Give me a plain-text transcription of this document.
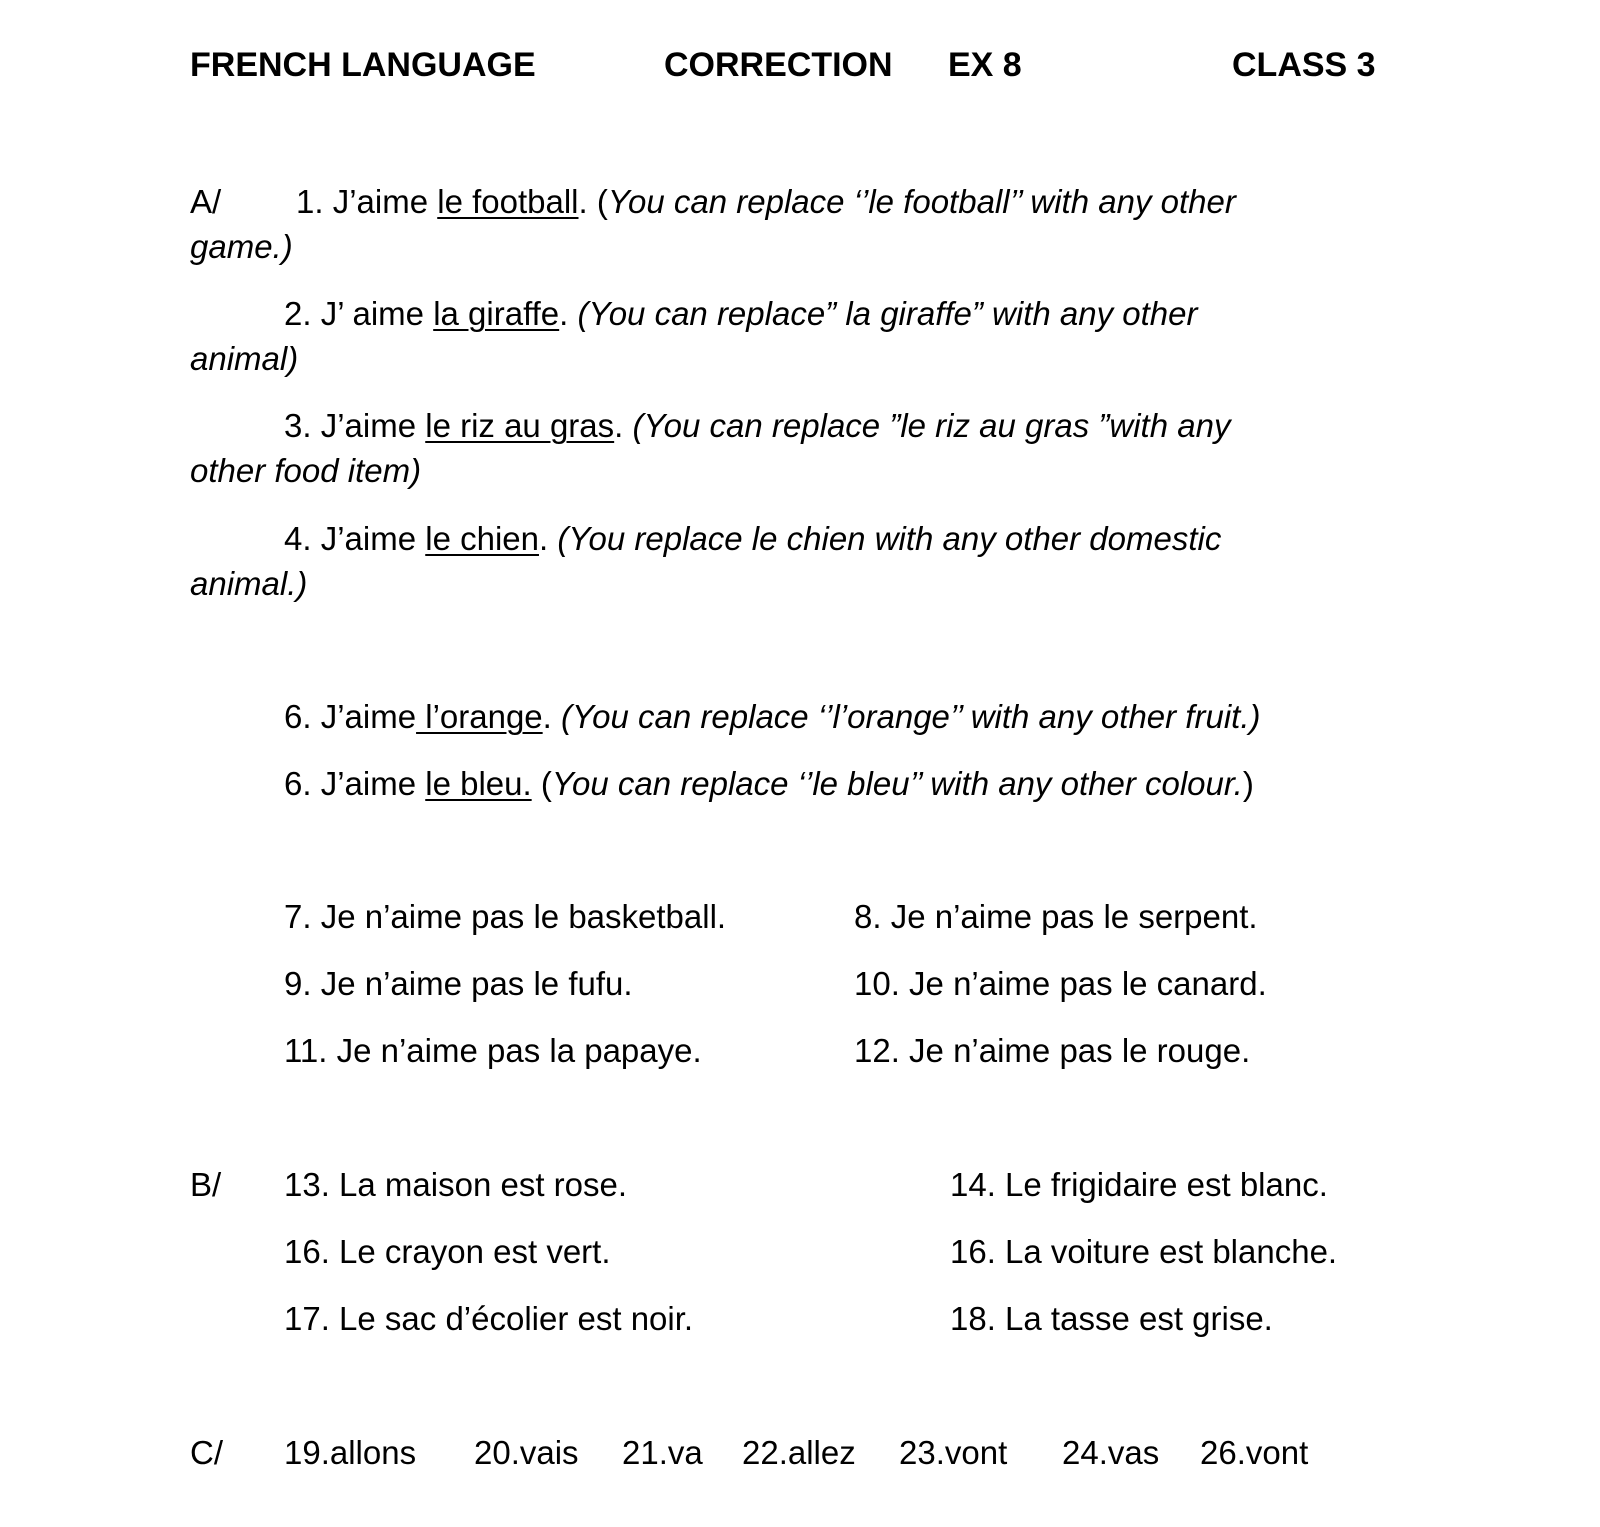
FRENCH LANGUAGE	CORRECTION EX 8	CLASS 3
A/ 1. J’aime le football. (You can replace ‘’le football’’ with any other
game.)
2. J’ aime la giraffe. (You can replace” la giraffe” with any other
animal)
3. J’aime le riz au gras. (You can replace ”le riz au gras ”with any
other food item)
4. J’aime le chien. (You replace le chien with any other domestic
animal.)
6. J’aime l’orange. (You can replace ‘’l’orange’’ with any other fruit.)
6. J’aime le bleu. (You can replace ‘’le bleu’’ with any other colour.)
7. Je n’aime pas le basketball.	8. Je n’aime pas le serpent.
9. Je n’aime pas le fufu.	10. Je n’aime pas le canard.
11. Je n’aime pas la papaye.	12. Je n’aime pas le rouge.
B/ 13. La maison est rose.	14. Le frigidaire est blanc.
16. Le crayon est vert.	16. La voiture est blanche.
17. Le sac d’écolier est noir.	18. La tasse est grise.
C/ 19.allons 20.vais 21.va 22.allez 23.vont 24.vas 26.vont
